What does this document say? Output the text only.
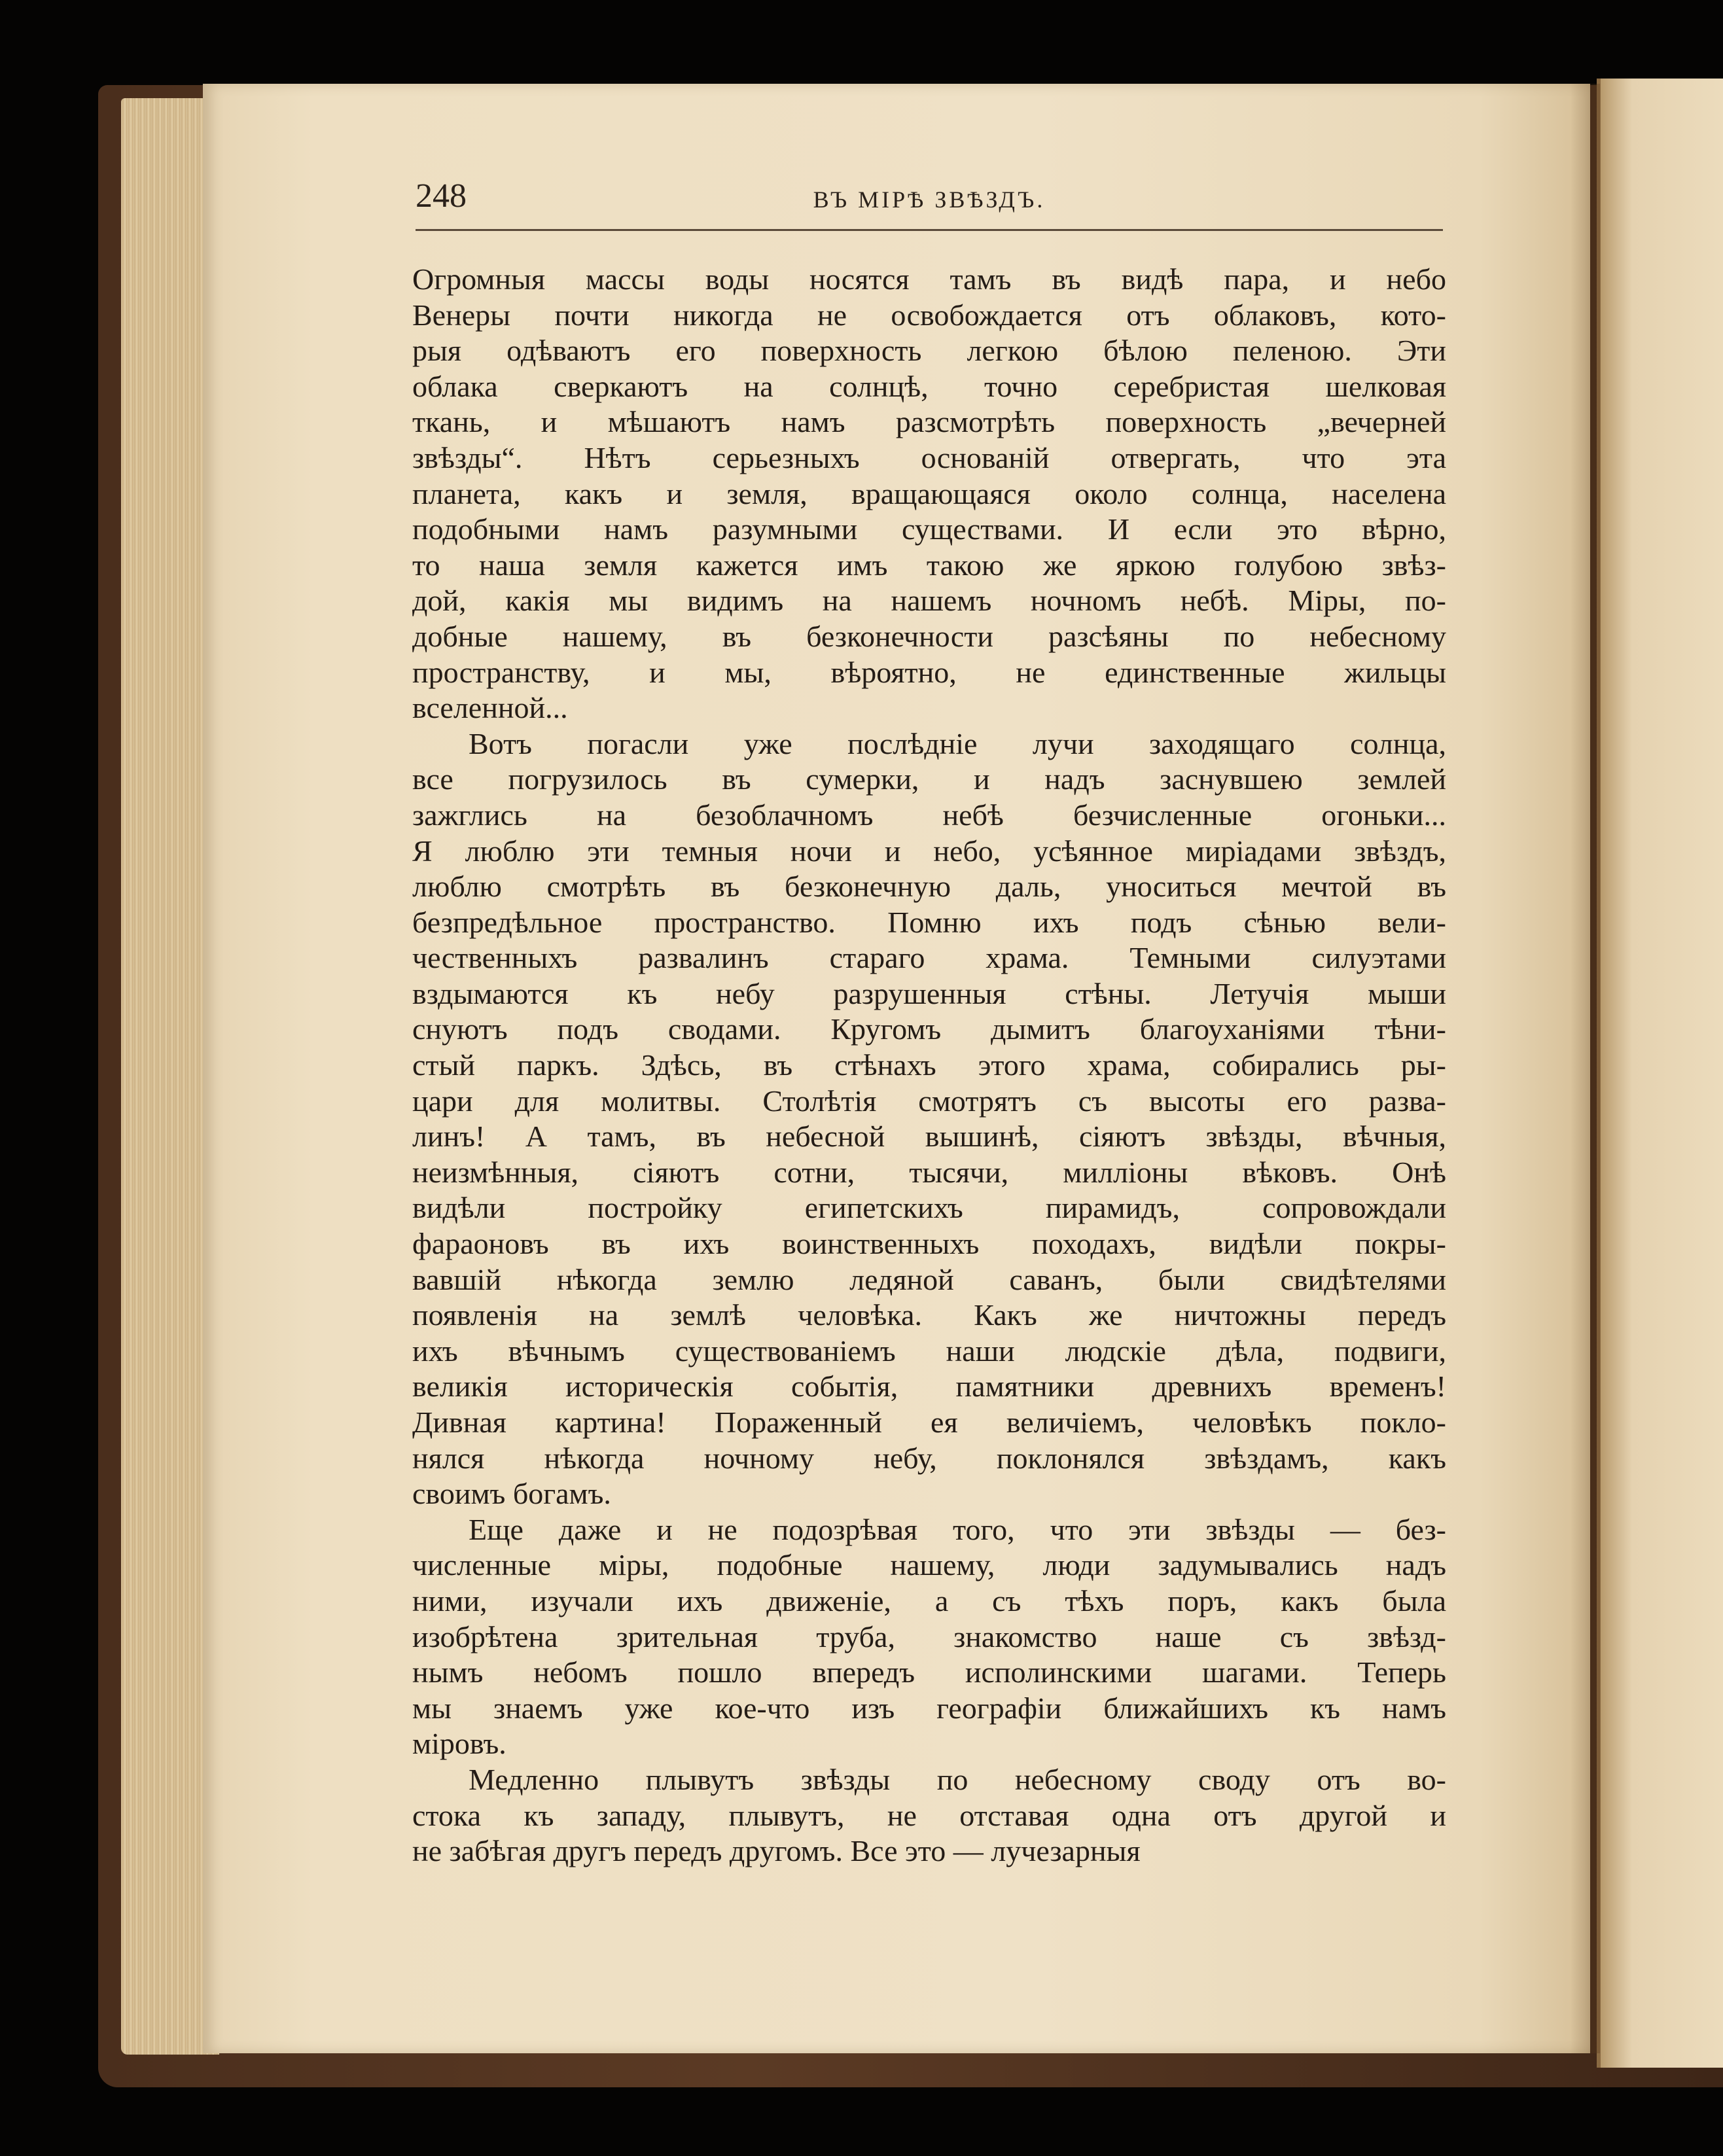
248	ВЪ МІРѢ ЗВѢЗДЪ.
Огромныя массы воды носятся тамъ въ видѣ пара, и небо
Венеры почти никогда не освобождается отъ облаковъ, кото-
рыя одѣваютъ его поверхность легкою бѣлою пеленою. Эти
облака сверкаютъ на солнцѣ, точно серебристая шелковая
ткань, и мѣшаютъ намъ разсмотрѣть поверхность „вечерней
звѣзды“. Нѣтъ серьезныхъ основаній отвергать, что эта
планета, какъ и земля, вращающаяся около солнца, населена
подобными намъ разумными существами. И если это вѣрно,
то наша земля кажется имъ такою же яркою голубою звѣз-
дой, какія мы видимъ на нашемъ ночномъ небѣ. Міры, по-
добные нашему, въ безконечности разсѣяны по небесному
пространству, и мы, вѣроятно, не единственные жильцы
вселенной...
Вотъ погасли уже послѣдніе лучи заходящаго солнца,
все погрузилось въ сумерки, и надъ заснувшею землей
зажглись на безоблачномъ небѣ безчисленные огоньки...
Я люблю эти темныя ночи и небо, усѣянное миріадами звѣздъ,
люблю смотрѣть въ безконечную даль, уноситься мечтой въ
безпредѣльное пространство. Помню ихъ подъ сѣнью вели-
чественныхъ развалинъ стараго храма. Темными силуэтами
вздымаются къ небу разрушенныя стѣны. Летучія мыши
снуютъ подъ сводами. Кругомъ дымитъ благоуханіями тѣни-
стый паркъ. Здѣсь, въ стѣнахъ этого храма, собирались ры-
цари для молитвы. Столѣтія смотрятъ съ высоты его разва-
линъ! А тамъ, въ небесной вышинѣ, сіяютъ звѣзды, вѣчныя,
неизмѣнныя, сіяютъ сотни, тысячи, милліоны вѣковъ. Онѣ
видѣли постройку египетскихъ пирамидъ, сопровождали
фараоновъ въ ихъ воинственныхъ походахъ, видѣли покры-
вавшій нѣкогда землю ледяной саванъ, были свидѣтелями
появленія на землѣ человѣка. Какъ же ничтожны передъ
ихъ вѣчнымъ существованіемъ наши людскіе дѣла, подвиги,
великія историческія событія, памятники древнихъ временъ!
Дивная картина! Пораженный ея величіемъ, человѣкъ покло-
нялся нѣкогда ночному небу, поклонялся звѣздамъ, какъ
своимъ богамъ.
Еще даже и не подозрѣвая того, что эти звѣзды — без-
численные міры, подобные нашему, люди задумывались надъ
ними, изучали ихъ движеніе, а съ тѣхъ поръ, какъ была
изобрѣтена зрительная труба, знакомство наше съ звѣзд-
нымъ небомъ пошло впередъ исполинскими шагами. Теперь
мы знаемъ уже кое-что изъ географіи ближайшихъ къ намъ
міровъ.
Медленно плывутъ звѣзды по небесному своду отъ во-
стока къ западу, плывутъ, не отставая одна отъ другой и
не забѣгая другъ передъ другомъ. Все это — лучезарныя
